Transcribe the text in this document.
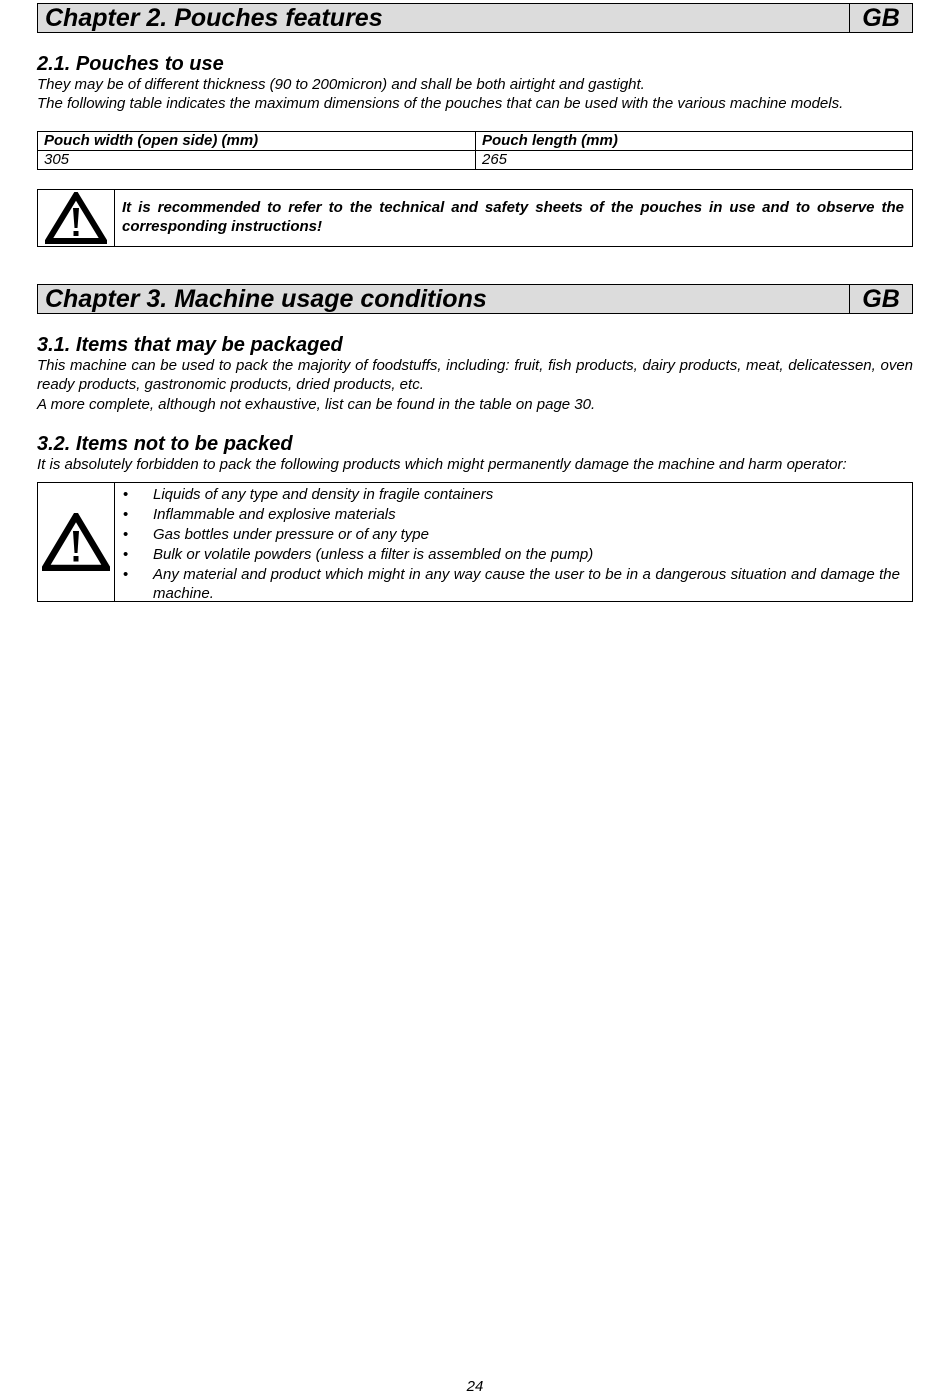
Chapter 2. Pouches features	GB
2.1. Pouches to use

They may be of different thickness (90 to 200micron) and shall be both airtight and gastight.

The following table indicates the maximum dimensions of the pouches that can be used with the various machine models.

Pouch width (open side) (mm)	Pouch length (mm)
305	265
It is recommended to refer to the technical and safety sheets of the pouches in use and to observe the corresponding instructions!
Chapter 3. Machine usage conditions	GB
3.1. Items that may be packaged

This machine can be used to pack the majority of foodstuffs, including: fruit, fish products, dairy products, meat, delicatessen, oven ready products, gastronomic products, dried products, etc.

A more complete, although not exhaustive, list can be found in the table on page 30.

3.2. Items not to be packed

It is absolutely forbidden to pack the following products which might permanently damage the machine and harm operator:

• Liquids of any type and density in fragile containers
• Inflammable and explosive materials
• Gas bottles under pressure or of any type
• Bulk or volatile powders (unless a filter is assembled on the pump)
• Any material and product which might in any way cause the user to be in a dangerous situation and damage the machine.
24
